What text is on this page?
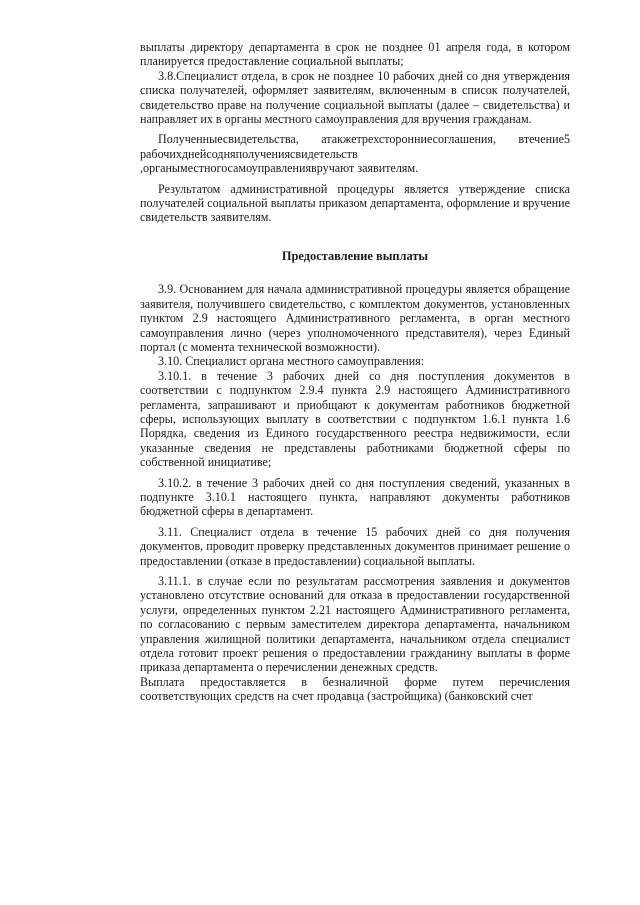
выплаты директору департамента в срок не позднее 01 апреля года, в котором планируется предоставление социальной выплаты;

3.8.Специалист отдела, в срок не позднее 10 рабочих дней со дня утверждения списка получателей, оформляет заявителям, включенным в список получателей, свидетельство праве на получение социальной выплаты (далее – свидетельства) и направляет их в органы местного самоуправления для вручения гражданам.

Полученныесвидетельства, атакжетрехсторонниесоглашения, втечение5 рабочихднейсодняполучениясвидетельств

,органыместногосамоуправлениявручают заявителям.

Результатом административной процедуры является утверждение списка получателей социальной выплаты приказом департамента, оформление и вручение свидетельств заявителям.

Предоставление выплаты

3.9. Основанием для начала административной процедуры является обращение заявителя, получившего свидетельство, с комплектом документов, установленных пунктом 2.9 настоящего Административного регламента, в орган местного самоуправления лично (через уполномоченного представителя), через Единый портал (с момента технической возможности).

3.10. Специалист органа местного самоуправления:

3.10.1. в течение 3 рабочих дней со дня поступления документов в соответствии с подпунктом 2.9.4 пункта 2.9 настоящего Административного регламента, запрашивают и приобщают к документам работников бюджетной сферы, использующих выплату в соответствии с подпунктом 1.6.1 пункта 1.6 Порядка, сведения из Единого государственного реестра недвижимости, если указанные сведения не представлены работниками бюджетной сферы по собственной инициативе;

3.10.2. в течение 3 рабочих дней со дня поступления сведений, указанных в подпункте 3.10.1 настоящего пункта, направляют документы работников бюджетной сферы в департамент.

3.11. Специалист отдела в течение 15 рабочих дней со дня получения документов, проводит проверку представленных документов принимает решение о предоставлении (отказе в предоставлении) социальной выплаты.

3.11.1. в случае если по результатам рассмотрения заявления и документов установлено отсутствие оснований для отказа в предоставлении государственной услуги, определенных пунктом 2.21 настоящего Административного регламента, по согласованию с первым заместителем директора департамента, начальником управления жилищной политики департамента, начальником отдела специалист отдела готовит проект решения о предоставлении гражданину выплаты в форме приказа департамента о перечислении денежных средств.

Выплата предоставляется в безналичной форме путем перечисления соответствующих средств на счет продавца (застройщика) (банковский счет
